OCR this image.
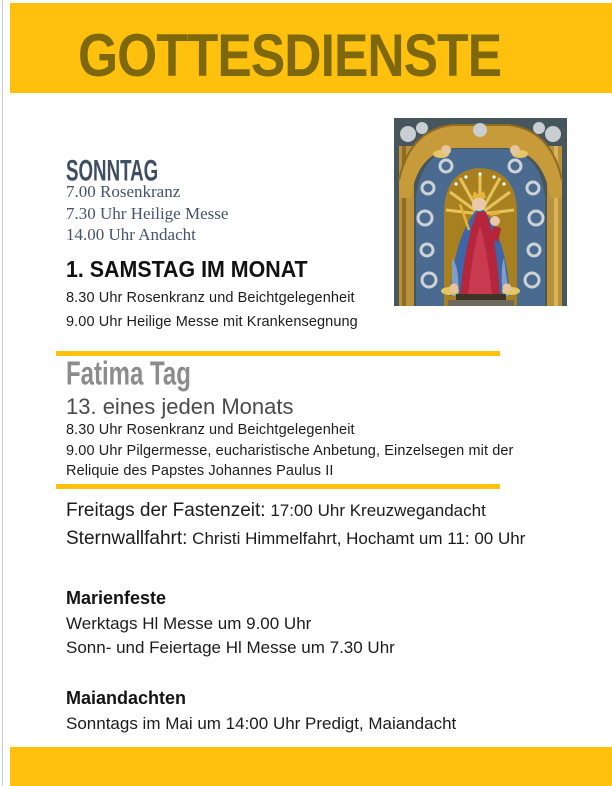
GOTTESDIENSTE
SONNTAG
7.00 Rosenkranz
7.30 Uhr Heilige Messe
14.00 Uhr Andacht
1. SAMSTAG IM MONAT
8.30 Uhr Rosenkranz und Beichtgelegenheit
9.00 Uhr Heilige Messe mit Krankensegnung
Fatima Tag
13. eines jeden Monats
8.30 Uhr Rosenkranz und Beichtgelegenheit
9.00 Uhr Pilgermesse, eucharistische Anbetung, Einzelsegen mit der
Reliquie des Papstes Johannes Paulus II
Freitags der Fastenzeit: 17:00 Uhr Kreuzwegandacht
Sternwallfahrt: Christi Himmelfahrt, Hochamt um 11: 00 Uhr
Marienfeste
Werktags Hl Messe um 9.00 Uhr
Sonn- und Feiertage Hl Messe um 7.30 Uhr
Maiandachten
Sonntags im Mai um 14:00 Uhr Predigt, Maiandacht
